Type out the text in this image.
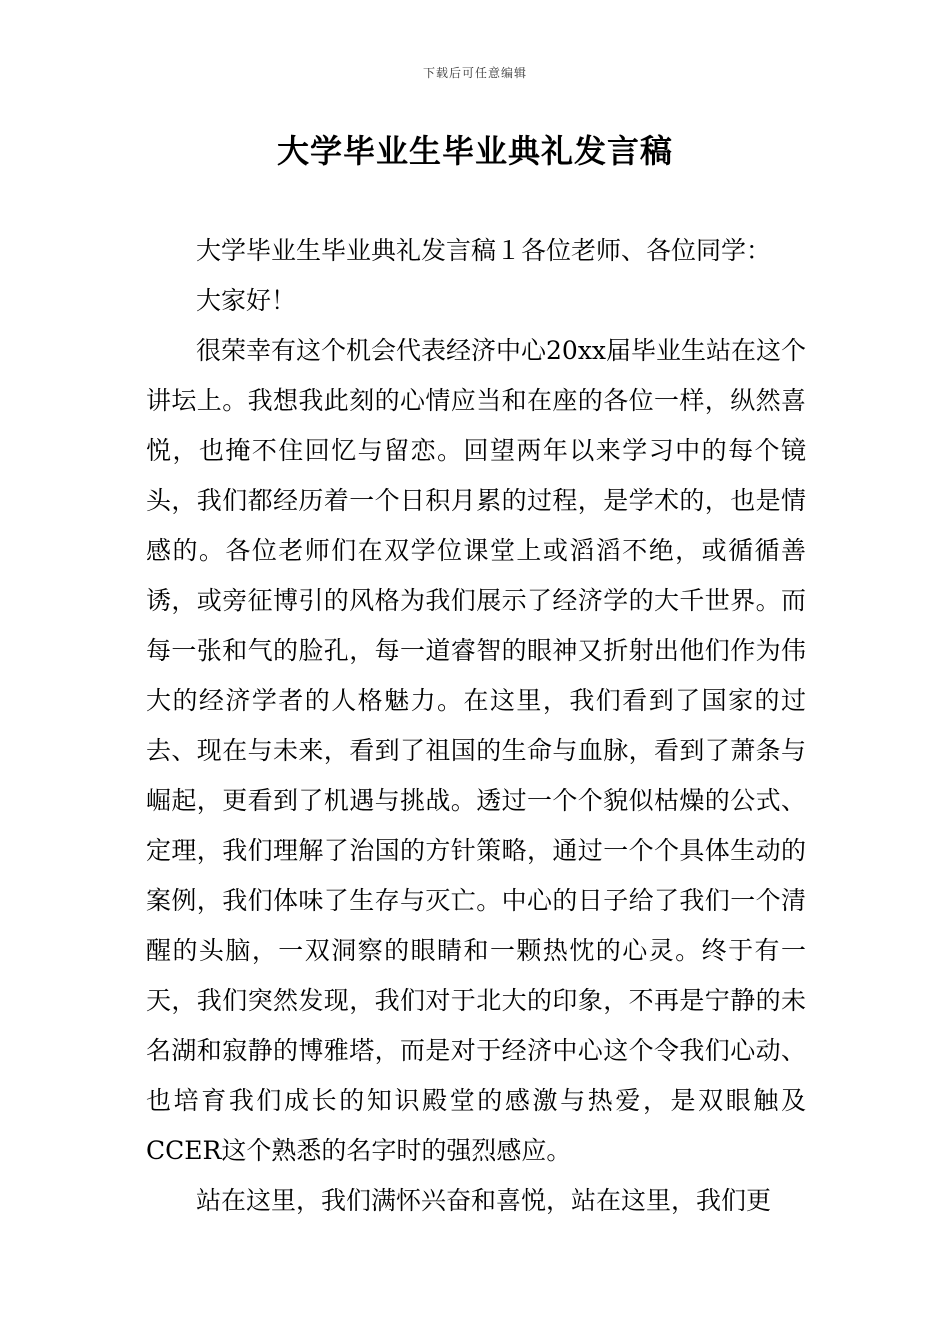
下载后可任意编辑
大学毕业生毕业典礼发言稿

大学毕业生毕业典礼发言稿１各位老师、各位同学：

大家好！

很荣幸有这个机会代表经济中心20xx届毕业生站在这个讲坛上。我想我此刻的心情应当和在座的各位一样，纵然喜悦，也掩不住回忆与留恋。回望两年以来学习中的每个镜头，我们都经历着一个日积月累的过程，是学术的，也是情感的。各位老师们在双学位课堂上或滔滔不绝，或循循善诱，或旁征博引的风格为我们展示了经济学的大千世界。而每一张和气的脸孔，每一道睿智的眼神又折射出他们作为伟大的经济学者的人格魅力。在这里，我们看到了国家的过去、现在与未来，看到了祖国的生命与血脉，看到了萧条与崛起，更看到了机遇与挑战。透过一个个貌似枯燥的公式、定理，我们理解了治国的方针策略，通过一个个具体生动的案例，我们体味了生存与灭亡。中心的日子给了我们一个清醒的头脑，一双洞察的眼睛和一颗热忱的心灵。终于有一天，我们突然发现，我们对于北大的印象，不再是宁静的未名湖和寂静的博雅塔，而是对于经济中心这个令我们心动、也培育我们成长的知识殿堂的感激与热爱，是双眼触及CCER这个熟悉的名字时的强烈感应。

站在这里，我们满怀兴奋和喜悦，站在这里，我们更
